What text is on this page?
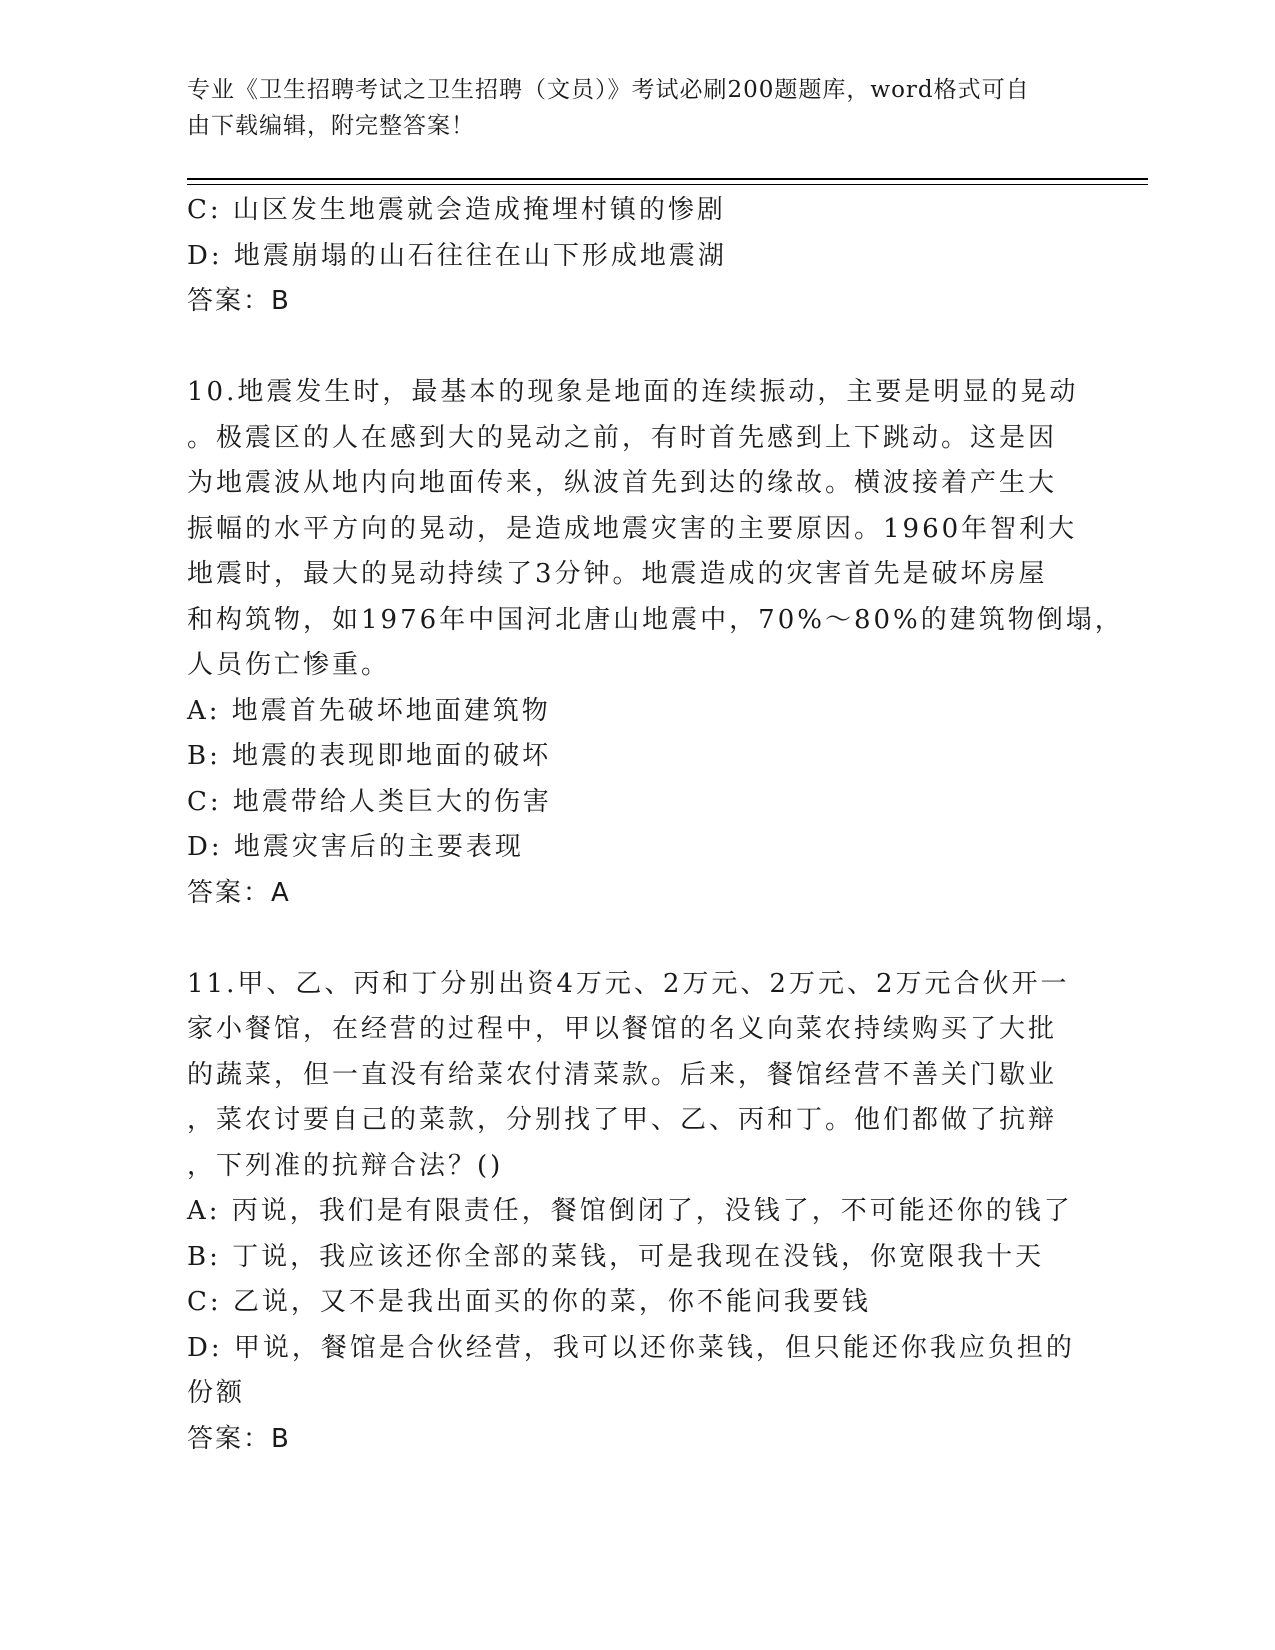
专业《卫生招聘考试之卫生招聘（文员）》考试必刷200题题库，word格式可自
由下载编辑，附完整答案！
C: 山区发生地震就会造成掩埋村镇的惨剧
D: 地震崩塌的山石往往在山下形成地震湖
答案：B
10.地震发生时，最基本的现象是地面的连续振动，主要是明显的晃动
。极震区的人在感到大的晃动之前，有时首先感到上下跳动。这是因
为地震波从地内向地面传来，纵波首先到达的缘故。横波接着产生大
振幅的水平方向的晃动，是造成地震灾害的主要原因。1960年智利大
地震时，最大的晃动持续了3分钟。地震造成的灾害首先是破坏房屋
和构筑物，如1976年中国河北唐山地震中，70%～80%的建筑物倒塌，
人员伤亡惨重。
A: 地震首先破坏地面建筑物
B: 地震的表现即地面的破坏
C: 地震带给人类巨大的伤害
D: 地震灾害后的主要表现
答案：A
11.甲、乙、丙和丁分别出资4万元、2万元、2万元、2万元合伙开一
家小餐馆，在经营的过程中，甲以餐馆的名义向菜农持续购买了大批
的蔬菜，但一直没有给菜农付清菜款。后来，餐馆经营不善关门歇业
，菜农讨要自己的菜款，分别找了甲、乙、丙和丁。他们都做了抗辩
，下列准的抗辩合法？()
A: 丙说，我们是有限责任，餐馆倒闭了，没钱了，不可能还你的钱了
B: 丁说，我应该还你全部的菜钱，可是我现在没钱，你宽限我十天
C: 乙说，又不是我出面买的你的菜，你不能问我要钱
D: 甲说，餐馆是合伙经营，我可以还你菜钱，但只能还你我应负担的
份额
答案：B
